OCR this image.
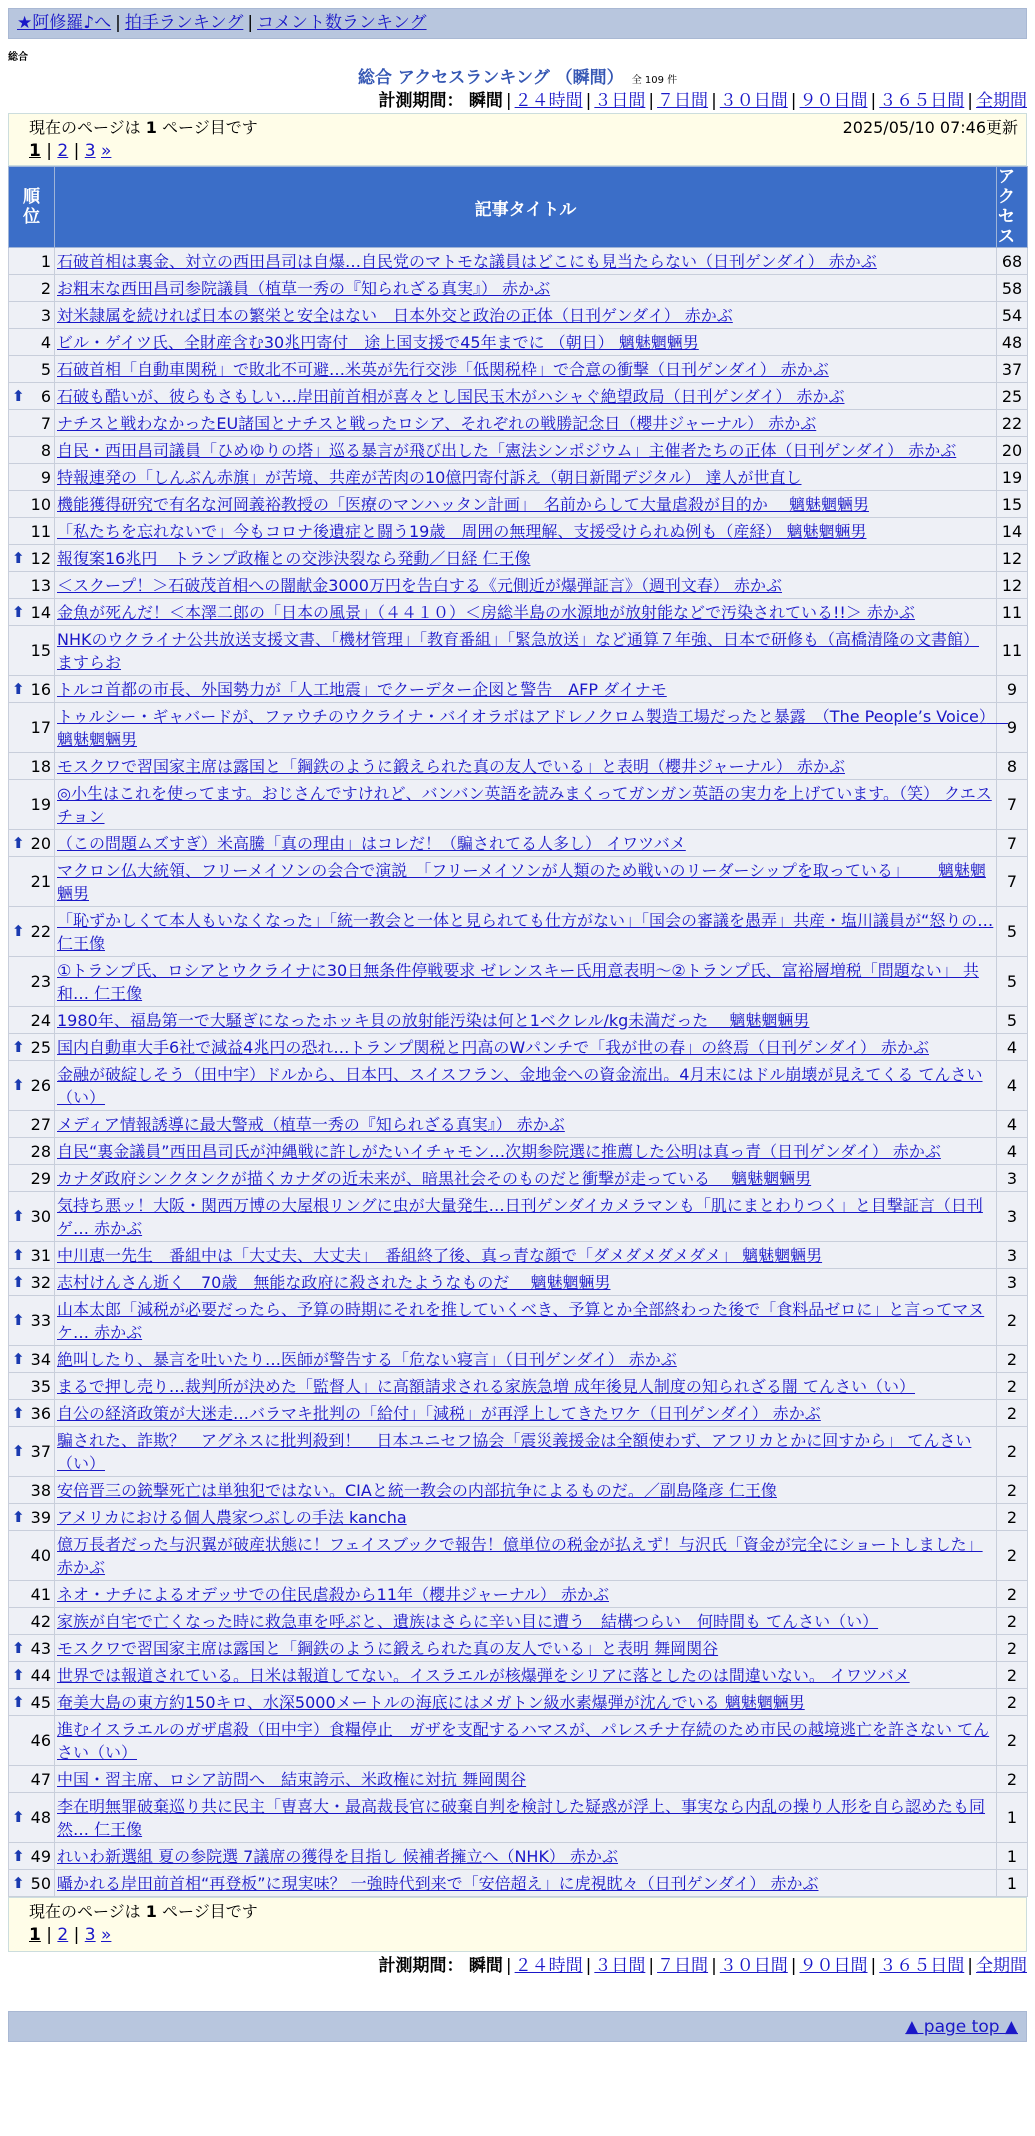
★阿修羅♪へ | 拍手ランキング | コメント数ランキング
総合
総合 アクセスランキング （瞬間） 全 109 件
計測期間： 瞬間 | ２４時間 | ３日間 | ７日間 | ３０日間 | ９０日間 | ３６５日間 | 全期間
現在のページは 1 ページ目です	2025/05/10 07:46更新
1 | 2 | 3 »
順
位	記事タイトル	アク
セス
1	石破首相は裏金、対立の西田昌司は自爆…自民党のマトモな議員はどこにも見当たらない（日刊ゲンダイ） 赤かぶ	68
2	お粗末な西田昌司参院議員（植草一秀の『知られざる真実』） 赤かぶ	58
3	対米隷属を続ければ日本の繁栄と安全はない　日本外交と政治の正体（日刊ゲンダイ） 赤かぶ	54
4	ビル・ゲイツ氏、全財産含む30兆円寄付　途上国支援で45年までに （朝日） 魑魅魍魎男	48
5	石破首相「自動車関税」で敗北不可避…米英が先行交渉「低関税枠」で合意の衝撃（日刊ゲンダイ） 赤かぶ	37

⬆ 6	石破も酷いが、彼らもさもしい…岸田前首相が喜々とし国民玉木がハシャぐ絶望政局（日刊ゲンダイ） 赤かぶ	25
7	ナチスと戦わなかったEU諸国とナチスと戦ったロシア、それぞれの戦勝記念日（櫻井ジャーナル） 赤かぶ	22
8	自民・西田昌司議員「ひめゆりの塔」巡る暴言が飛び出した「憲法シンポジウム」主催者たちの正体（日刊ゲンダイ） 赤かぶ	20
9	特報連発の「しんぶん赤旗」が苦境、共産が苦肉の10億円寄付訴え（朝日新聞デジタル） 達人が世直し	19
10	機能獲得研究で有名な河岡義裕教授の「医療のマンハッタン計画」　名前からして大量虐殺が目的か　 魑魅魍魎男	15
11	「私たちを忘れないで」今もコロナ後遺症と闘う19歳　周囲の無理解、支援受けられぬ例も（産経） 魑魅魍魎男	14

⬆ 12	報復案16兆円　トランプ政権との交渉決裂なら発動／日経 仁王像	12
13	＜スクープ！＞石破茂首相への闇献金3000万円を告白する《元側近が爆弾証言》（週刊文春） 赤かぶ	12

⬆ 14	金魚が死んだ！＜本澤二郎の「日本の風景」（４４１０）＜房総半島の水源地が放射能などで汚染されている!!＞ 赤かぶ	11
15	NHKのウクライナ公共放送支援文書、「機材管理」「教育番組」「緊急放送」など通算７年強、日本で研修も（高橋清隆の文書館） ますらお	11

⬆ 16	トルコ首都の市長、外国勢力が「人工地震」でクーデター企図と警告　AFP ダイナモ	9
17	トゥルシー・ギャバードが、ファウチのウクライナ・バイオラボはアドレノクロム製造工場だったと暴露　（The People’s Voice）　 魑魅魍魎男	9
18	モスクワで習国家主席は露国と「鋼鉄のように鍛えられた真の友人でいる」と表明（櫻井ジャーナル） 赤かぶ	8
19	◎小生はこれを使ってます。おじさんですけれど、バンバン英語を読みまくってガンガン英語の実力を上げています。（笑） クエスチョン	7

⬆ 20	（この問題ムズすぎ）米高騰「真の理由」はコレだ！（騙されてる人多し） イワツバメ	7
21	マクロン仏大統領、フリーメイソンの会合で演説　「フリーメイソンが人類のため戦いのリーダーシップを取っている」　　 魑魅魍魎男	7

⬆ 22	「恥ずかしくて本人もいなくなった」「統一教会と一体と見られても仕方がない」「国会の審議を愚弄」共産・塩川議員が“怒りの… 仁王像	5
23	①トランプ氏、ロシアとウクライナに30日無条件停戦要求 ゼレンスキー氏用意表明～②トランプ氏、富裕層増税「問題ない」 共和… 仁王像	5
24	1980年、福島第一で大騒ぎになったホッキ貝の放射能汚染は何と1ベクレル/kg未満だった　 魑魅魍魎男	5

⬆ 25	国内自動車大手6社で減益4兆円の恐れ…トランプ関税と円高のWパンチで「我が世の春」の終焉（日刊ゲンダイ） 赤かぶ	4

⬆ 26	金融が破綻しそう（田中宇）ドルから、日本円、スイスフラン、金地金への資金流出。4月末にはドル崩壊が見えてくる てんさい（い）	4
27	メディア情報誘導に最大警戒（植草一秀の『知られざる真実』） 赤かぶ	4
28	自民“裏金議員”西田昌司氏が沖縄戦に許しがたいイチャモン…次期参院選に推薦した公明は真っ青（日刊ゲンダイ） 赤かぶ	4
29	カナダ政府シンクタンクが描くカナダの近未来が、暗黒社会そのものだと衝撃が走っている　 魑魅魍魎男	3

⬆ 30	気持ち悪ッ！大阪・関西万博の大屋根リングに虫が大量発生…日刊ゲンダイカメラマンも「肌にまとわりつく」と目撃証言（日刊ゲ… 赤かぶ	3

⬆ 31	中川恵一先生　番組中は「大丈夫、大丈夫」　番組終了後、真っ青な顔で「ダメダメダメダメ」 魑魅魍魎男	3

⬆ 32	志村けんさん逝く　70歳　無能な政府に殺されたようなものだ　 魑魅魍魎男	3

⬆ 33	山本太郎「減税が必要だったら、予算の時期にそれを推していくべき、予算とか全部終わった後で「食料品ゼロに」と言ってマヌケ… 赤かぶ	2

⬆ 34	絶叫したり、暴言を吐いたり…医師が警告する「危ない寝言」（日刊ゲンダイ） 赤かぶ	2
35	まるで押し売り…裁判所が決めた「監督人」に高額請求される家族急増 成年後見人制度の知られざる闇 てんさい（い）	2

⬆ 36	自公の経済政策が大迷走…バラマキ批判の「給付」「減税」が再浮上してきたワケ（日刊ゲンダイ） 赤かぶ	2

⬆ 37	騙された、詐欺？　アグネスに批判殺到！　日本ユニセフ協会「震災義援金は全額使わず、アフリカとかに回すから」 てんさい（い）	2
38	安倍晋三の銃撃死亡は単独犯ではない。CIAと統一教会の内部抗争によるものだ。／副島隆彦 仁王像	2

⬆ 39	アメリカにおける個人農家つぶしの手法 kancha	2
40	億万長者だった与沢翼が破産状態に！フェイスブックで報告！億単位の税金が払えず！与沢氏「資金が完全にショートしました」 赤かぶ	2
41	ネオ・ナチによるオデッサでの住民虐殺から11年（櫻井ジャーナル） 赤かぶ	2
42	家族が自宅で亡くなった時に救急車を呼ぶと、遺族はさらに辛い目に遭う　結構つらい　何時間も てんさい（い）	2

⬆ 43	モスクワで習国家主席は露国と「鋼鉄のように鍛えられた真の友人でいる」と表明 舞岡関谷	2

⬆ 44	世界では報道されている。日米は報道してない。イスラエルが核爆弾をシリアに落としたのは間違いない。 イワツバメ	2

⬆ 45	奄美大島の東方約150キロ、水深5000メートルの海底にはメガトン級水素爆弾が沈んでいる 魑魅魍魎男	2
46	進むイスラエルのガザ虐殺（田中宇）食糧停止　ガザを支配するハマスが、パレスチナ存続のため市民の越境逃亡を許さない てんさい（い）	2
47	中国・習主席、ロシア訪問へ　結束誇示、米政権に対抗 舞岡関谷	2

⬆ 48	李在明無罪破棄巡り共に民主「曺喜大・最高裁長官に破棄自判を検討した疑惑が浮上、事実なら内乱の操り人形を自ら認めたも同然… 仁王像	1

⬆ 49	れいわ新選組 夏の参院選 7議席の獲得を目指し 候補者擁立へ（NHK） 赤かぶ	1

⬆ 50	囁かれる岸田前首相“再登板”に現実味？ 一強時代到来で「安倍超え」に虎視眈々（日刊ゲンダイ） 赤かぶ	1
現在のページは 1 ページ目です
1 | 2 | 3 »
計測期間： 瞬間 | ２４時間 | ３日間 | ７日間 | ３０日間 | ９０日間 | ３６５日間 | 全期間
▲ page top ▲
